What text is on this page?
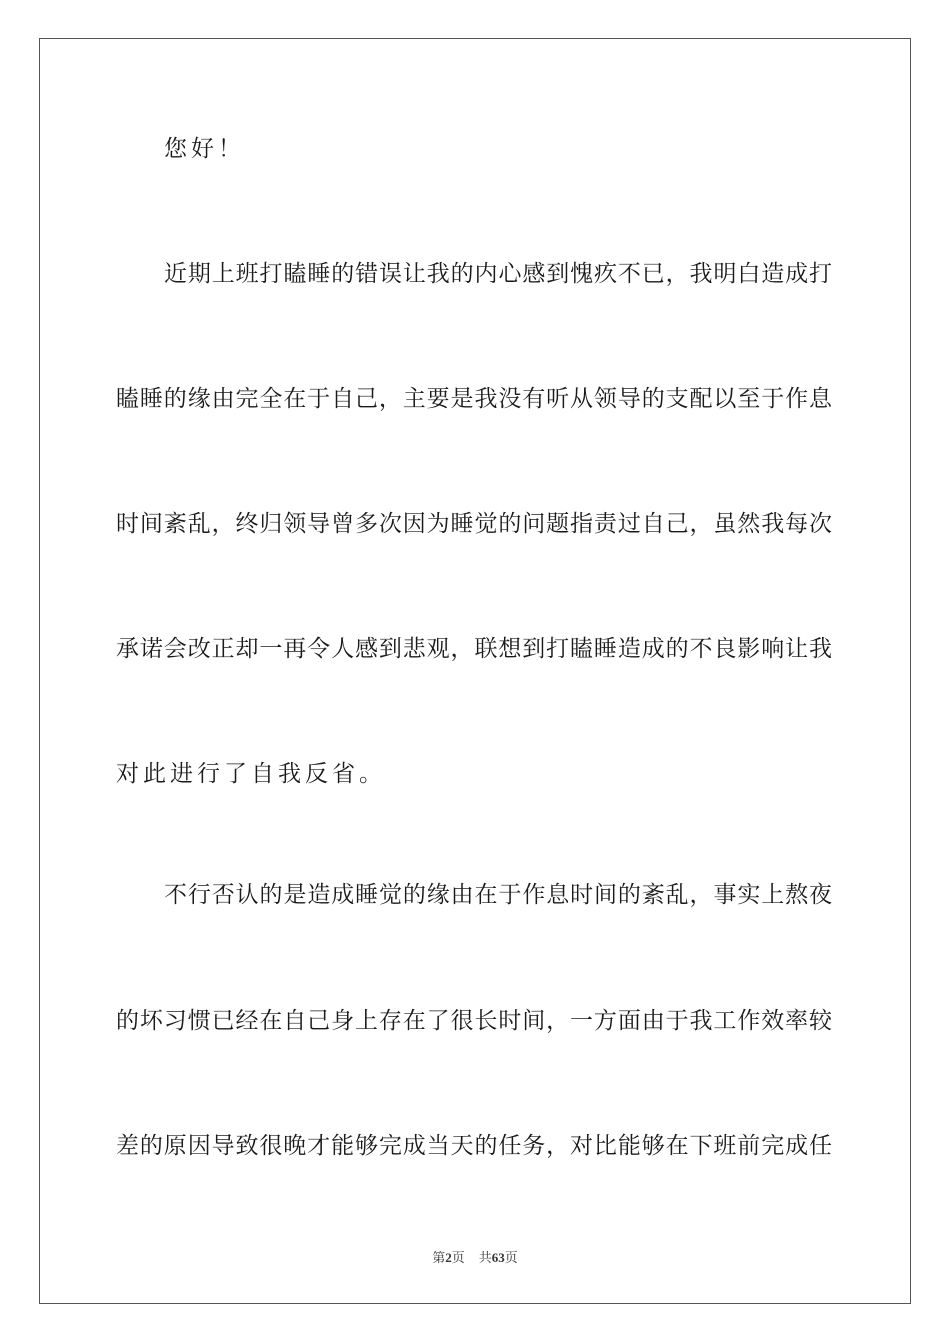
您好！
近期上班打瞌睡的错误让我的内心感到愧疚不已，我明白造成打
瞌睡的缘由完全在于自己，主要是我没有听从领导的支配以至于作息
时间紊乱，终归领导曾多次因为睡觉的问题指责过自己，虽然我每次
承诺会改正却一再令人感到悲观，联想到打瞌睡造成的不良影响让我
对此进行了自我反省。
不行否认的是造成睡觉的缘由在于作息时间的紊乱，事实上熬夜
的坏习惯已经在自己身上存在了很长时间，一方面由于我工作效率较
差的原因导致很晚才能够完成当天的任务，对比能够在下班前完成任
第2页 共63页
